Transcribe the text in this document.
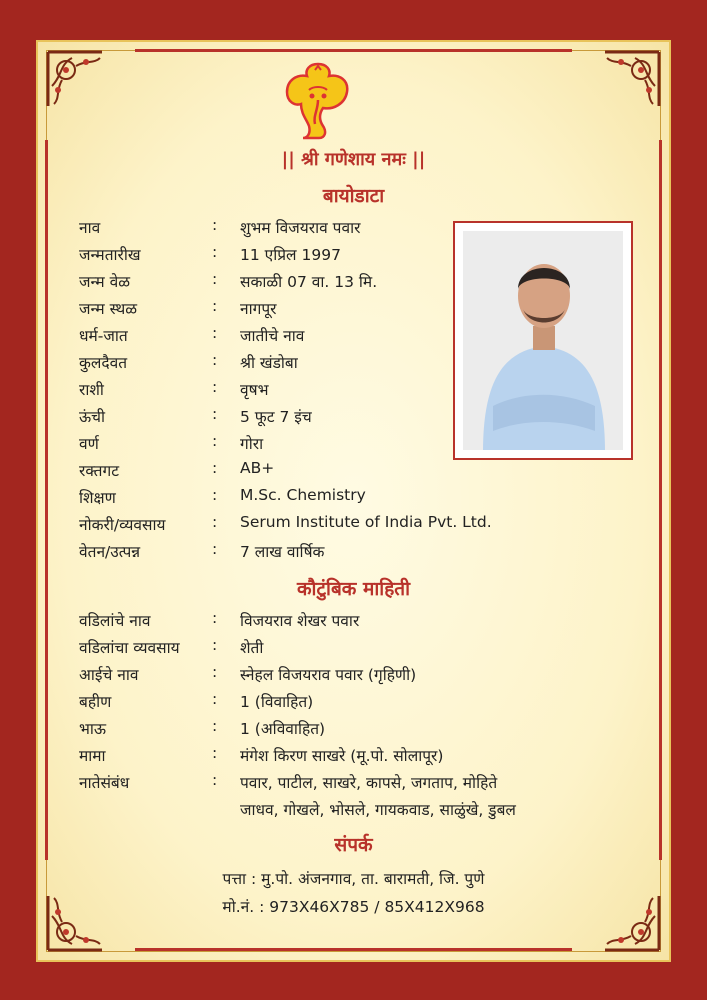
|| श्री गणेशाय नमः ||
बायोडाटा
नाव	: शुभम विजयराव पवार
जन्मतारीख	: 11 एप्रिल 1997
जन्म वेळ	: सकाळी 07 वा. 13 मि.
जन्म स्थळ	: नागपूर
धर्म-जात	: जातीचे नाव
कुलदैवत	: श्री खंडोबा
राशी	: वृषभ
ऊंची	: 5 फूट 7 इंच
वर्ण	: गोरा
रक्तगट	: AB+
शिक्षण	: M.Sc. Chemistry
नोकरी/व्यवसाय	: Serum Institute of India Pvt. Ltd.
वेतन/उत्पन्न	: 7 लाख वार्षिक
कौटुंबिक माहिती
वडिलांचे नाव	: विजयराव शेखर पवार
वडिलांचा व्यवसाय	: शेती
आईचे नाव	: स्नेहल विजयराव पवार (गृहिणी)
बहीण	: 1 (विवाहित)
भाऊ	: 1 (अविवाहित)
मामा	: मंगेश किरण साखरे (मू.पो. सोलापूर)
नातेसंबंध	: पवार, पाटील, साखरे, कापसे, जगताप, मोहिते
जाधव, गोखले, भोसले, गायकवाड, साळुंखे, डुबल
संपर्क
पत्ता : मु.पो. अंजनगाव, ता. बारामती, जि. पुणे
मो.नं. : 973X46X785 / 85X412X968
